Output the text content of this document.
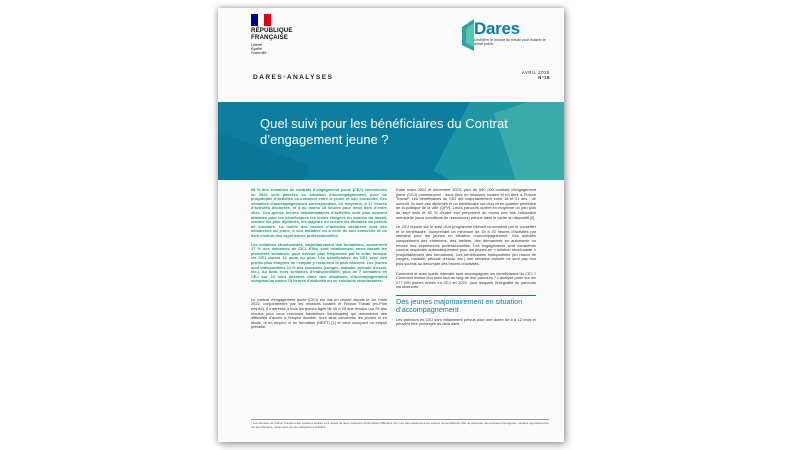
RÉPUBLIQUE
FRANÇAISE
Liberté
Égalité
Fraternité
Dares
Déchiffrer le monde du travail pour éclairer le débat public
DARES•ANALYSES
AVRIL 2025
N°18
Quel suivi pour les bénéficiaires du Contrat d’engagement jeune ?

68 % des semaines de contrats d’engagement jeune (CEJ) commencés en 2022 sont passées en situation d’accompagnement, avec un programme d’activités co-construit entre le jeune et son conseiller. Ces semaines d’accompagnement correspondent, en moyenne, à 17 heures d’activités déclarées, et à au moins 15 heures pour deux tiers d’entre elles. Ces quinze heures hebdomadaires d’activités sont plus souvent atteintes pour les bénéficiaires les moins éloignés du marché du travail, comme les plus diplômés, les majeurs ou encore les titulaires du permis de conduire. La moitié des heures d’activités déclarées sont des démarches du jeune, à son initiative ou à celle de son conseiller et un tiers environ des expériences professionnelles.

Les solutions structurantes, majoritairement des formations, concernent 17 % des semaines de CEJ. Elles sont relativement rares durant les premières semaines, pour devenir plus fréquentes par la suite, lorsque les CEJ durent 12 mois ou plus. Les bénéficiaires du CEJ avec des profils plus éloignés de l’emploi y recourent le plus souvent. Les jeunes sont indisponibles 13 % des semaines (congés, maladie, période d’essai, etc.). Au total, hors semaines d’indisponibilité, plus de 7 semaines en CEJ sur 10 sont passées dans des situations d’accompagnement comptant au moins 15 heures d’activités ou en solutions structurantes.

Le contrat d’engagement jeune (CEJ) est mis en œuvre depuis le 1er mars 2022, conjointement par les missions locales et France Travail (ex-Pôle emploi). Il s’adresse à tous les jeunes âgés de 16 à 25 ans révolus (ou 29 ans révolus pour ceux reconnus travailleurs handicapés) qui rencontrent des difficultés d’accès à l’emploi durable. Sont ainsi concernés les jeunes ni en étude, ni en emploi, ni en formation (NEET) [1] et ceux occupant un emploi précaire.

Entre mars 2022 et décembre 2023, plus de 590 000 contrats d’engagement jeune (CEJ) commencent : deux tiers en missions locales et un tiers à France Travail¹. Les bénéficiaires du CEJ ont majoritairement entre 18 et 21 ans ; de surcroît, ils sont peu diplômés et un bénéficiaire sur cinq vit en quartier prioritaire de la politique de la ville (QPV). Leurs parcours durent en moyenne un peu plus de sept mois et 82 % d’entre eux perçoivent au moins une fois l’allocation mensuelle (sous conditions de ressources) prévue dans le cadre du dispositif [2].

Le CEJ repose sur le suivi d’un programme intensif co-construit par le conseiller et le bénéficiaire, comprenant un minimum de 15 à 20 heures d’activités par semaine pour les jeunes en situation d’accompagnement. Ces activités comprennent des entretiens, des ateliers, des démarches en autonomie ou encore des expériences professionnelles. Les engagements sont considérés comme respectés automatiquement pour les jeunes en « solution structurante » (majoritairement des formations). Les bénéficiaires indisponibles (en raison de congés, maladie, période d’essai, etc.) une semaine donnée ne sont pas non plus soumis au décompte des heures d’activités.

Comment et avec quelle intensité sont accompagnés les bénéficiaires du CEJ ? Comment évolue leur suivi tout au long de leur parcours ? L’analyse porte sur les 277 000 jeunes entrés en CEJ en 2022, pour lesquels l’intégralité du parcours est observée.

Des jeunes majoritairement en situation d’accompagnement

Les parcours en CEJ sont initialement prévus pour une durée de 6 à 12 mois et peuvent être prolongés au-delà dans

¹ Les données de France Travail et des missions locales sont issues de deux systèmes d’information différents qui n’ont pas exactement les mêmes nomenclatures. Afin de présenter des données homogènes, certains regroupements ont été effectués, notamment sur les catégories d’activités.
